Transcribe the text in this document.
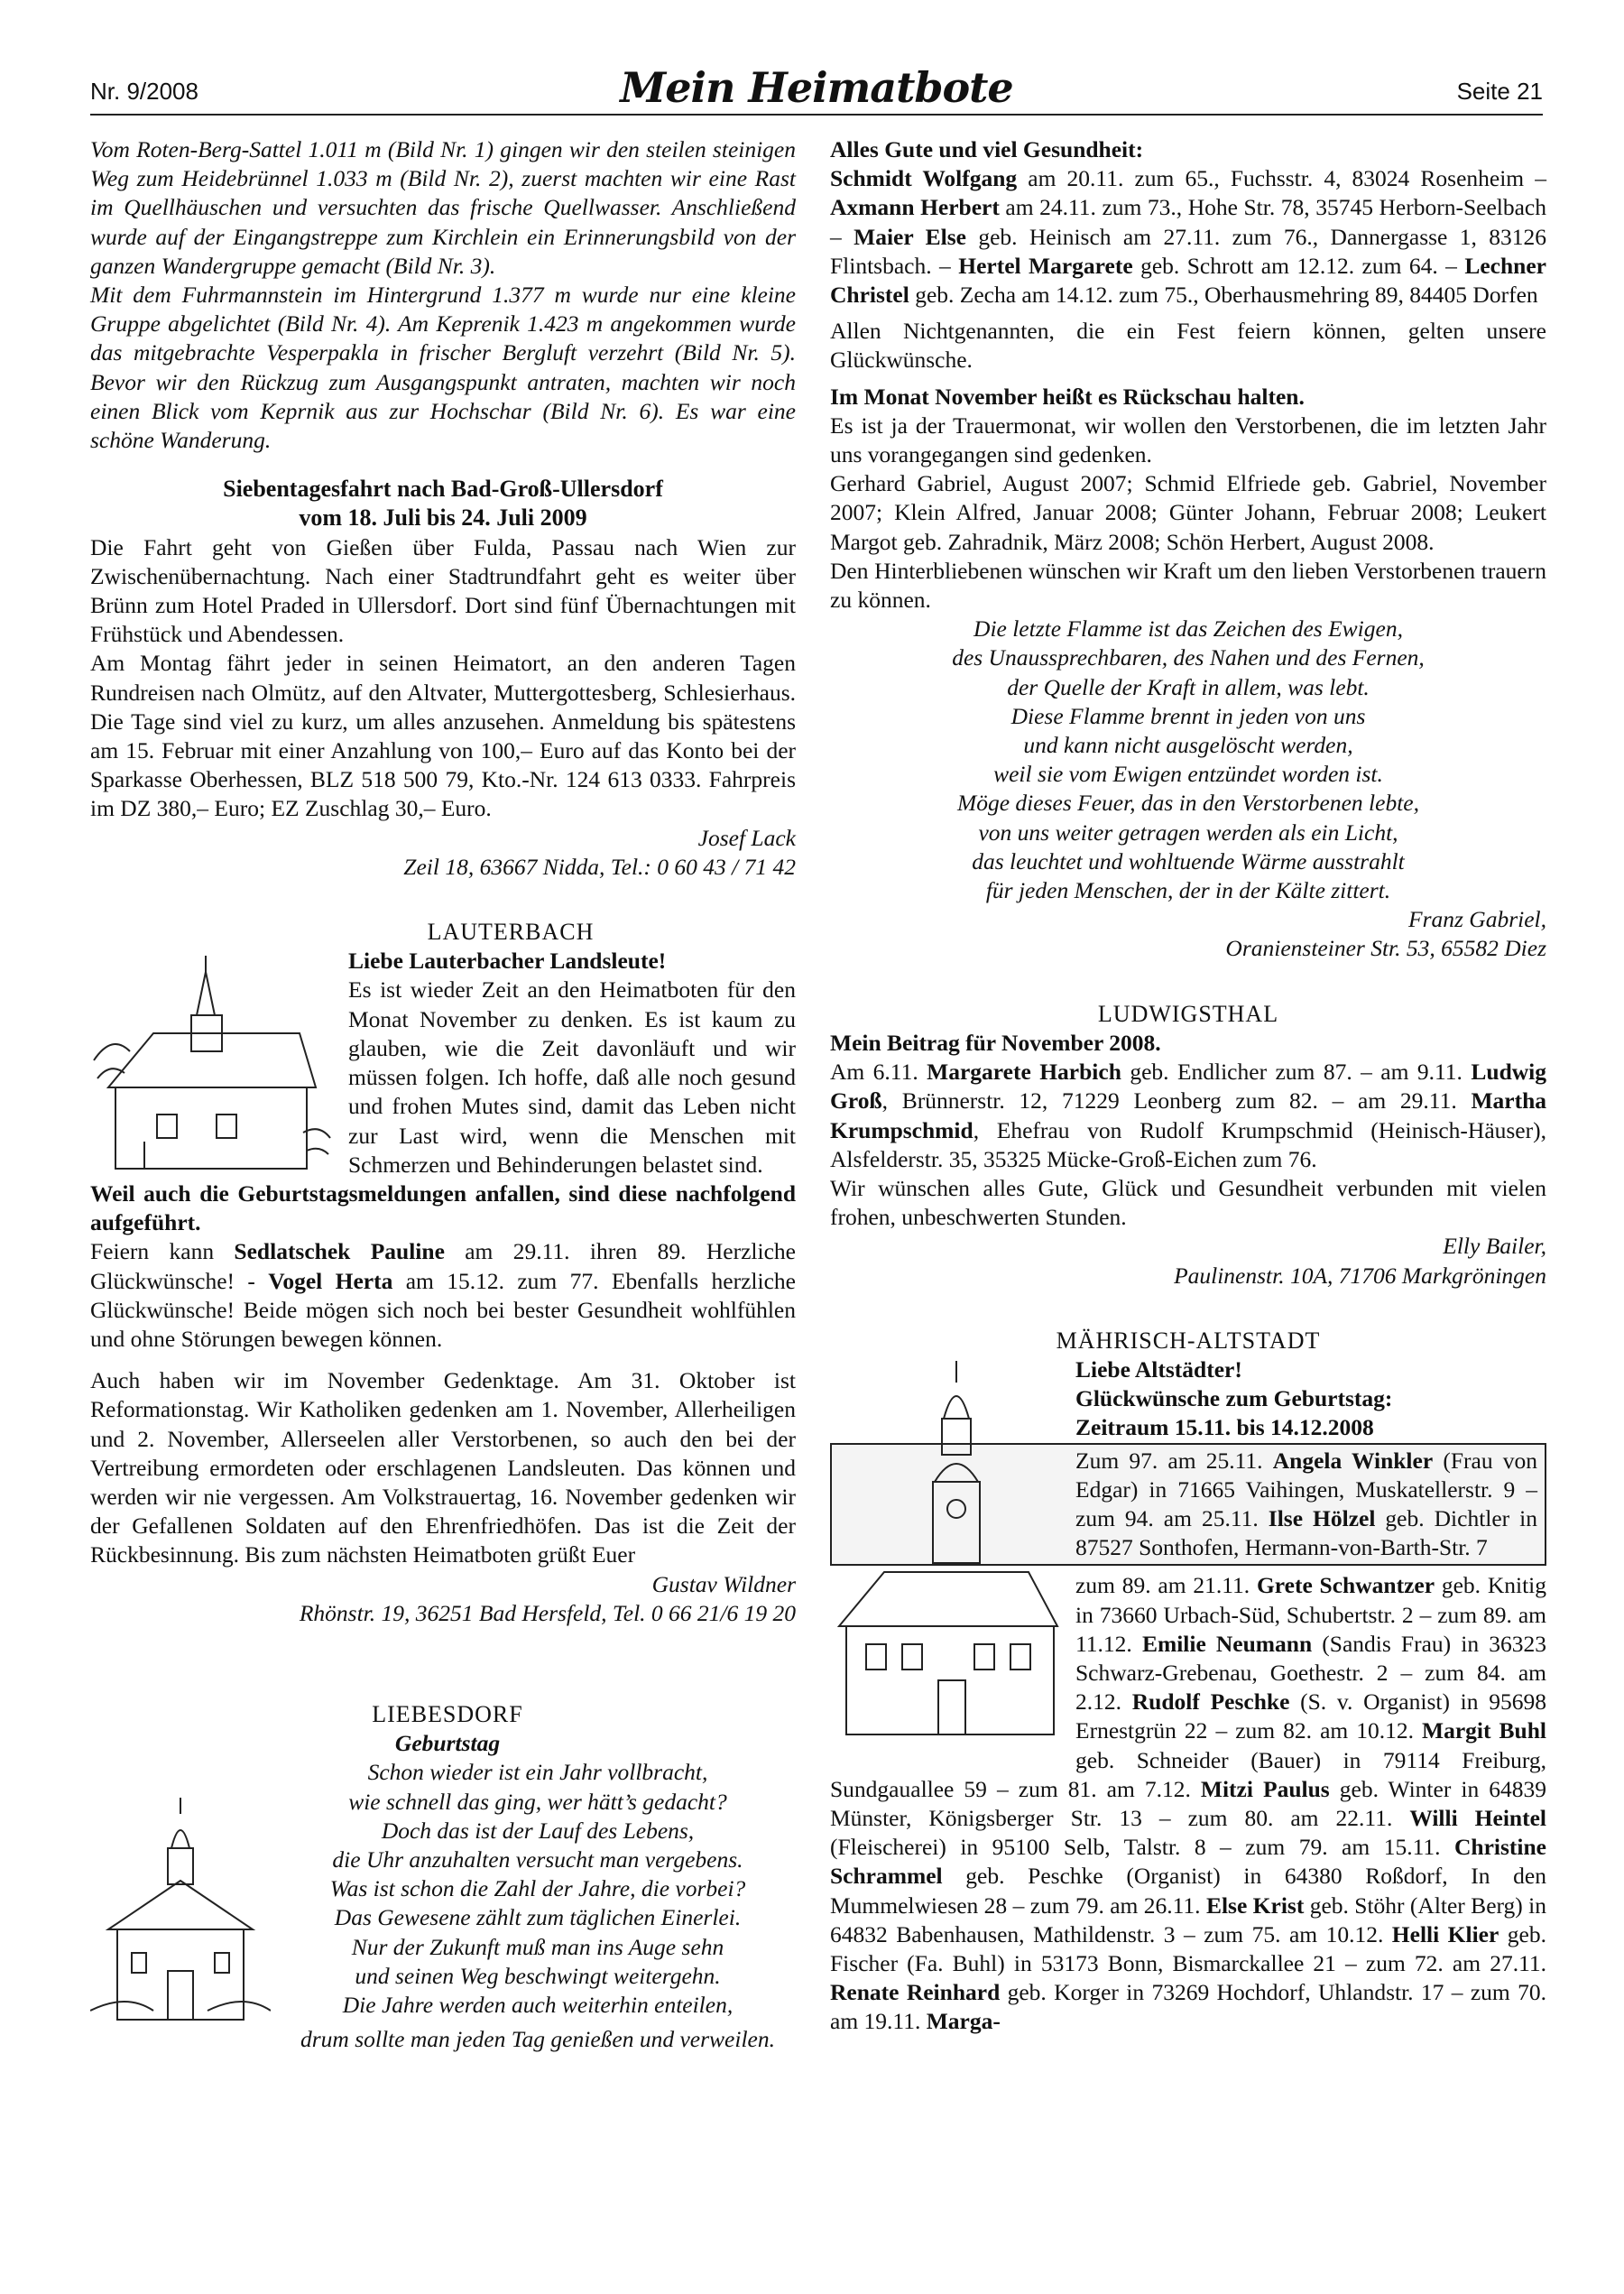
Nr. 9/2008	Mein Heimatbote	Seite 21

Vom Roten-Berg-Sattel 1.011 m (Bild Nr. 1) gingen wir den steilen steinigen Weg zum Heidebrünnel 1.033 m (Bild Nr. 2), zuerst machten wir eine Rast im Quellhäuschen und versuchten das frische Quellwasser. Anschließend wurde auf der Eingangstreppe zum Kirchlein ein Erinnerungsbild von der ganzen Wandergruppe gemacht (Bild Nr. 3).

Mit dem Fuhrmannstein im Hintergrund 1.377 m wurde nur eine kleine Gruppe abgelichtet (Bild Nr. 4). Am Keprenik 1.423 m angekommen wurde das mitgebrachte Vesperpakla in frischer Bergluft verzehrt (Bild Nr. 5). Bevor wir den Rückzug zum Ausgangspunkt antraten, machten wir noch einen Blick vom Keprnik aus zur Hochschar (Bild Nr. 6). Es war eine schöne Wanderung.

Siebentagesfahrt nach Bad-Groß-Ullersdorf

vom 18. Juli bis 24. Juli 2009

Die Fahrt geht von Gießen über Fulda, Passau nach Wien zur Zwischenübernachtung. Nach einer Stadtrundfahrt geht es weiter über Brünn zum Hotel Praded in Ullersdorf. Dort sind fünf Übernachtungen mit Frühstück und Abendessen.

Am Montag fährt jeder in seinen Heimatort, an den anderen Tagen Rundreisen nach Olmütz, auf den Altvater, Muttergottesberg, Schlesierhaus. Die Tage sind viel zu kurz, um alles anzusehen. Anmeldung bis spätestens am 15. Februar mit einer Anzahlung von 100,– Euro auf das Konto bei der Sparkasse Oberhessen, BLZ 518 500 79, Kto.-Nr. 124 613 0333. Fahrpreis im DZ 380,– Euro; EZ Zuschlag 30,– Euro.

Josef Lack

Zeil 18, 63667 Nidda, Tel.: 0 60 43 / 71 42

LAUTERBACH

Liebe Lauterbacher Landsleute!

Es ist wieder Zeit an den Heimatboten für den Monat November zu denken. Es ist kaum zu glauben, wie die Zeit davonläuft und wir müssen folgen. Ich hoffe, daß alle noch gesund und frohen Mutes sind, damit das Leben nicht zur Last wird, wenn die Menschen mit Schmerzen und Behinderungen belastet sind.

Weil auch die Geburtstagsmeldungen anfallen, sind diese nachfolgend aufgeführt.

Feiern kann Sedlatschek Pauline am 29.11. ihren 89. Herzliche Glückwünsche! - Vogel Herta am 15.12. zum 77. Ebenfalls herzliche Glückwünsche! Beide mögen sich noch bei bester Gesundheit wohlfühlen und ohne Störungen bewegen können.

Auch haben wir im November Gedenktage. Am 31. Oktober ist Reformationstag. Wir Katholiken gedenken am 1. November, Allerheiligen und 2. November, Allerseelen aller Verstorbenen, so auch den bei der Vertreibung ermordeten oder erschlagenen Landsleuten. Das können und werden wir nie vergessen. Am Volkstrauertag, 16. November gedenken wir der Gefallenen Soldaten auf den Ehrenfriedhöfen. Das ist die Zeit der Rückbesinnung. Bis zum nächsten Heimatboten grüßt Euer

Gustav Wildner

Rhönstr. 19, 36251 Bad Hersfeld, Tel. 0 66 21/6 19 20

LIEBESDORF

Geburtstag

Schon wieder ist ein Jahr vollbracht,

wie schnell das ging, wer hätt’s gedacht?

Doch das ist der Lauf des Lebens,

die Uhr anzuhalten versucht man vergebens.

Was ist schon die Zahl der Jahre, die vorbei?

Das Gewesene zählt zum täglichen Einerlei.

Nur der Zukunft muß man ins Auge sehn

und seinen Weg beschwingt weitergehn.

Die Jahre werden auch weiterhin enteilen,

drum sollte man jeden Tag genießen und verweilen.

Alles Gute und viel Gesundheit:

Schmidt Wolfgang am 20.11. zum 65., Fuchsstr. 4, 83024 Rosenheim – Axmann Herbert am 24.11. zum 73., Hohe Str. 78, 35745 Herborn-Seelbach – Maier Else geb. Heinisch am 27.11. zum 76., Dannergasse 1, 83126 Flintsbach. – Hertel Margarete geb. Schrott am 12.12. zum 64. – Lechner Christel geb. Zecha am 14.12. zum 75., Oberhausmehring 89, 84405 Dorfen

Allen Nichtgenannten, die ein Fest feiern können, gelten unsere Glückwünsche.

Im Monat November heißt es Rückschau halten.

Es ist ja der Trauermonat, wir wollen den Verstorbenen, die im letzten Jahr uns vorangegangen sind gedenken.

Gerhard Gabriel, August 2007; Schmid Elfriede geb. Gabriel, November 2007; Klein Alfred, Januar 2008; Günter Johann, Februar 2008; Leukert Margot geb. Zahradnik, März 2008; Schön Herbert, August 2008.

Den Hinterbliebenen wünschen wir Kraft um den lieben Verstorbenen trauern zu können.

Die letzte Flamme ist das Zeichen des Ewigen,

des Unaussprechbaren, des Nahen und des Fernen,

der Quelle der Kraft in allem, was lebt.

Diese Flamme brennt in jeden von uns

und kann nicht ausgelöscht werden,

weil sie vom Ewigen entzündet worden ist.

Möge dieses Feuer, das in den Verstorbenen lebte,

von uns weiter getragen werden als ein Licht,

das leuchtet und wohltuende Wärme ausstrahlt

für jeden Menschen, der in der Kälte zittert.

Franz Gabriel,

Oraniensteiner Str. 53, 65582 Diez

LUDWIGSTHAL

Mein Beitrag für November 2008.

Am 6.11. Margarete Harbich geb. Endlicher zum 87. – am 9.11. Ludwig Groß, Brünnerstr. 12, 71229 Leonberg zum 82. – am 29.11. Martha Krumpschmid, Ehefrau von Rudolf Krumpschmid (Heinisch-Häuser), Alsfelderstr. 35, 35325 Mücke-Groß-Eichen zum 76.

Wir wünschen alles Gute, Glück und Gesundheit verbunden mit vielen frohen, unbeschwerten Stunden.

Elly Bailer,

Paulinenstr. 10A, 71706 Markgröningen

MÄHRISCH-ALTSTADT

Liebe Altstädter!

Glückwünsche zum Geburtstag:

Zeitraum 15.11. bis 14.12.2008

Zum 97. am 25.11. Angela Winkler (Frau von Edgar) in 71665 Vaihingen, Muskatellerstr. 9 – zum 94. am 25.11. Ilse Hölzel geb. Dichtler in 87527 Sonthofen, Hermann-von-Barth-Str. 7

zum 89. am 21.11. Grete Schwantzer geb. Knitig in 73660 Urbach-Süd, Schubertstr. 2 – zum 89. am 11.12. Emilie Neumann (Sandis Frau) in 36323 Schwarz-Grebenau, Goethestr. 2 – zum 84. am 2.12. Rudolf Peschke (S. v. Organist) in 95698 Ernestgrün 22 – zum 82. am 10.12. Margit Buhl geb. Schneider (Bauer) in 79114 Freiburg, Sundgauallee 59 – zum 81. am 7.12. Mitzi Paulus geb. Winter in 64839 Münster, Königsberger Str. 13 – zum 80. am 22.11. Willi Heintel (Fleischerei) in 95100 Selb, Talstr. 8 – zum 79. am 15.11. Christine Schrammel geb. Peschke (Organist) in 64380 Roßdorf, In den Mummelwiesen 28 – zum 79. am 26.11. Else Krist geb. Stöhr (Alter Berg) in 64832 Babenhausen, Mathildenstr. 3 – zum 75. am 10.12. Helli Klier geb. Fischer (Fa. Buhl) in 53173 Bonn, Bismarckallee 21 – zum 72. am 27.11. Renate Reinhard geb. Korger in 73269 Hochdorf, Uhlandstr. 17 – zum 70. am 19.11. Marga-
